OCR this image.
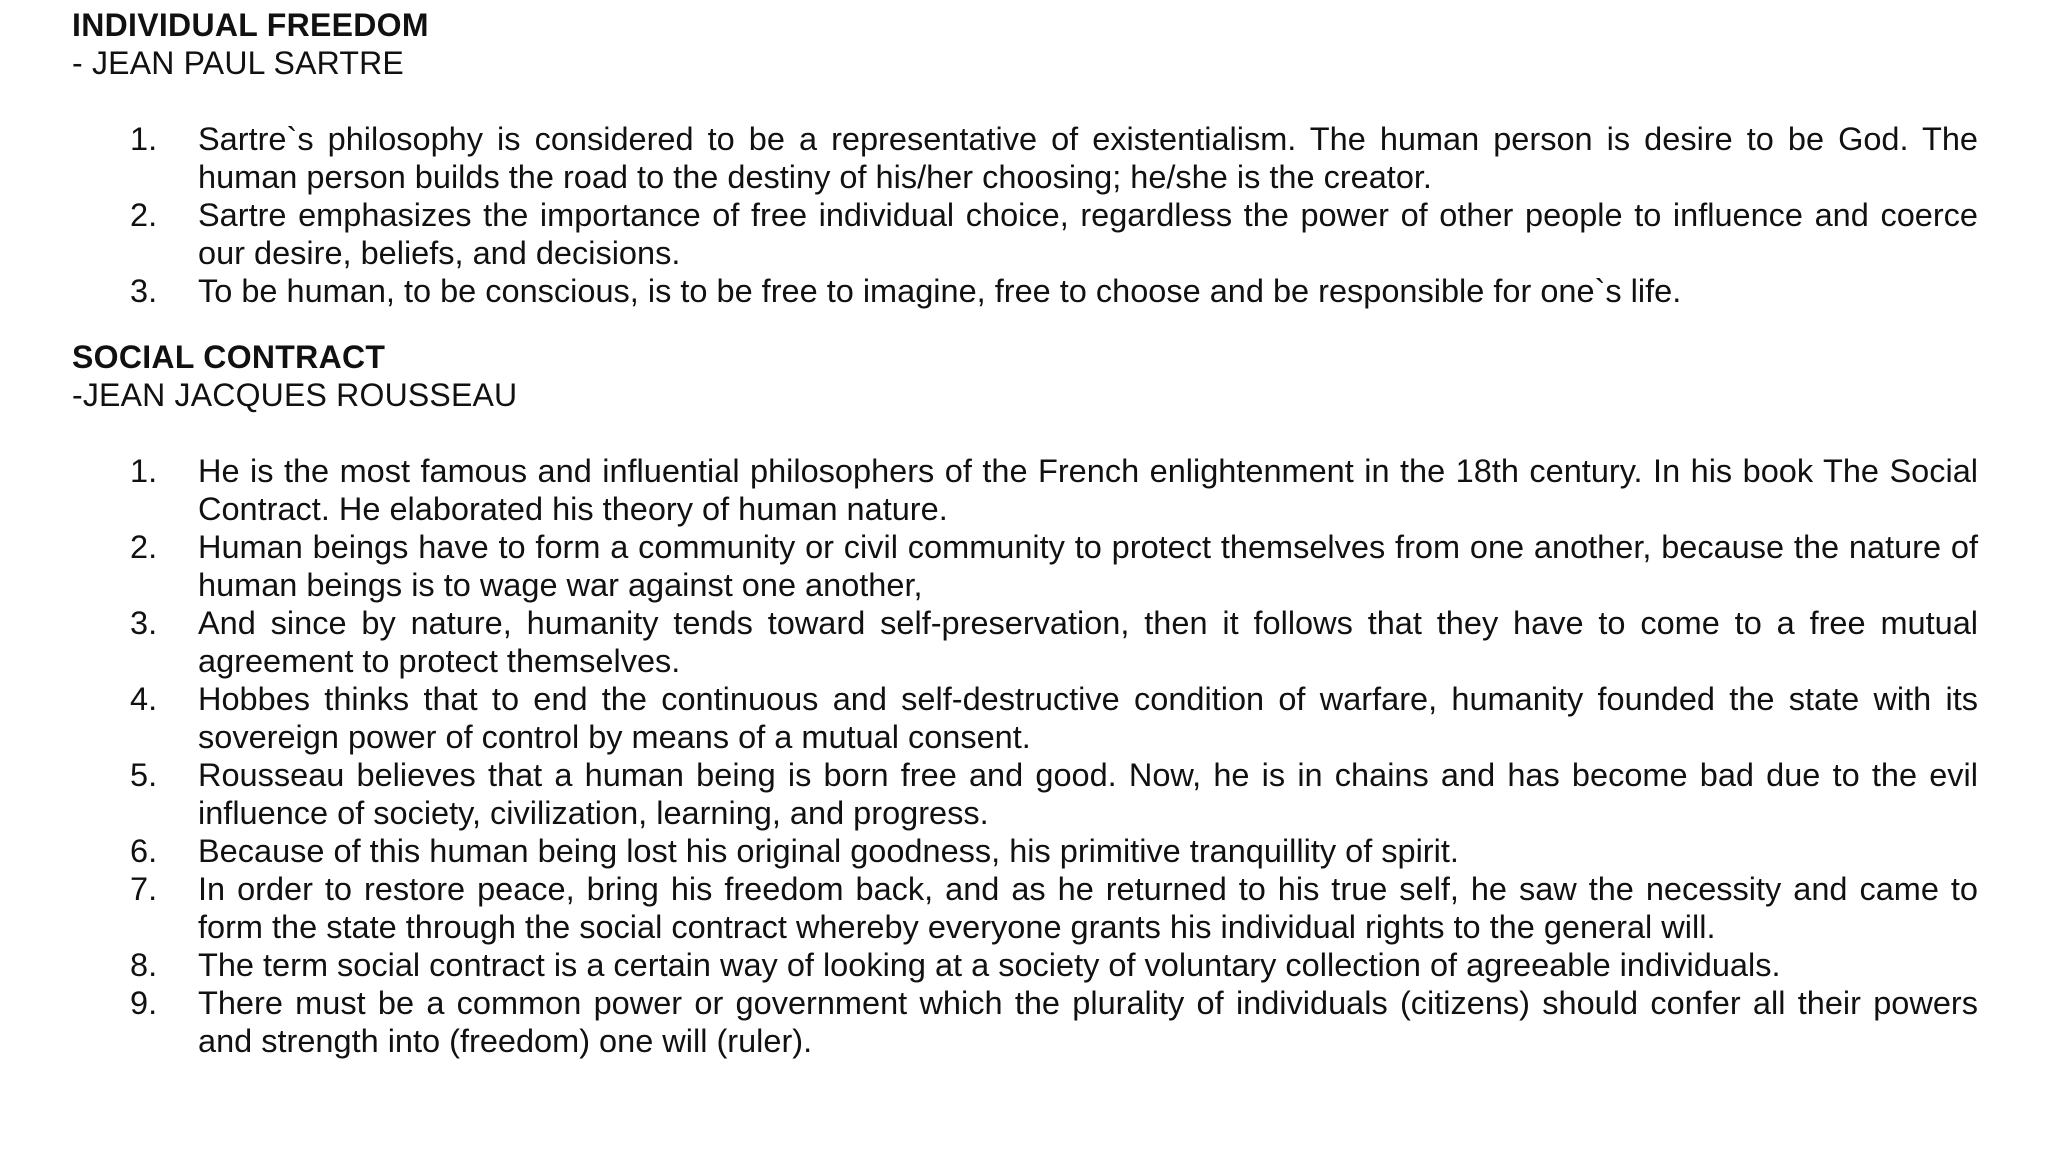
INDIVIDUAL FREEDOM
- JEAN PAUL SARTRE
1. Sartre`s philosophy is considered to be a representative of existentialism. The human person is desire to be God. The human person builds the road to the destiny of his/her choosing; he/she is the creator.
2. Sartre emphasizes the importance of free individual choice, regardless the power of other people to influence and coerce our desire, beliefs, and decisions.
3. To be human, to be conscious, is to be free to imagine, free to choose and be responsible for one`s life.
SOCIAL CONTRACT
-JEAN JACQUES ROUSSEAU
1. He is the most famous and influential philosophers of the French enlightenment in the 18th century. In his book The Social Contract. He elaborated his theory of human nature.
2. Human beings have to form a community or civil community to protect themselves from one another, because the nature of human beings is to wage war against one another,
3. And since by nature, humanity tends toward self-preservation, then it follows that they have to come to a free mutual agreement to protect themselves.
4. Hobbes thinks that to end the continuous and self-destructive condition of warfare, humanity founded the state with its sovereign power of control by means of a mutual consent.
5. Rousseau believes that a human being is born free and good. Now, he is in chains and has become bad due to the evil influence of society, civilization, learning, and progress.
6. Because of this human being lost his original goodness, his primitive tranquillity of spirit.
7. In order to restore peace, bring his freedom back, and as he returned to his true self, he saw the necessity and came to form the state through the social contract whereby everyone grants his individual rights to the general will.
8. The term social contract is a certain way of looking at a society of voluntary collection of agreeable individuals.
9. There must be a common power or government which the plurality of individuals (citizens) should confer all their powers and strength into (freedom) one will (ruler).
